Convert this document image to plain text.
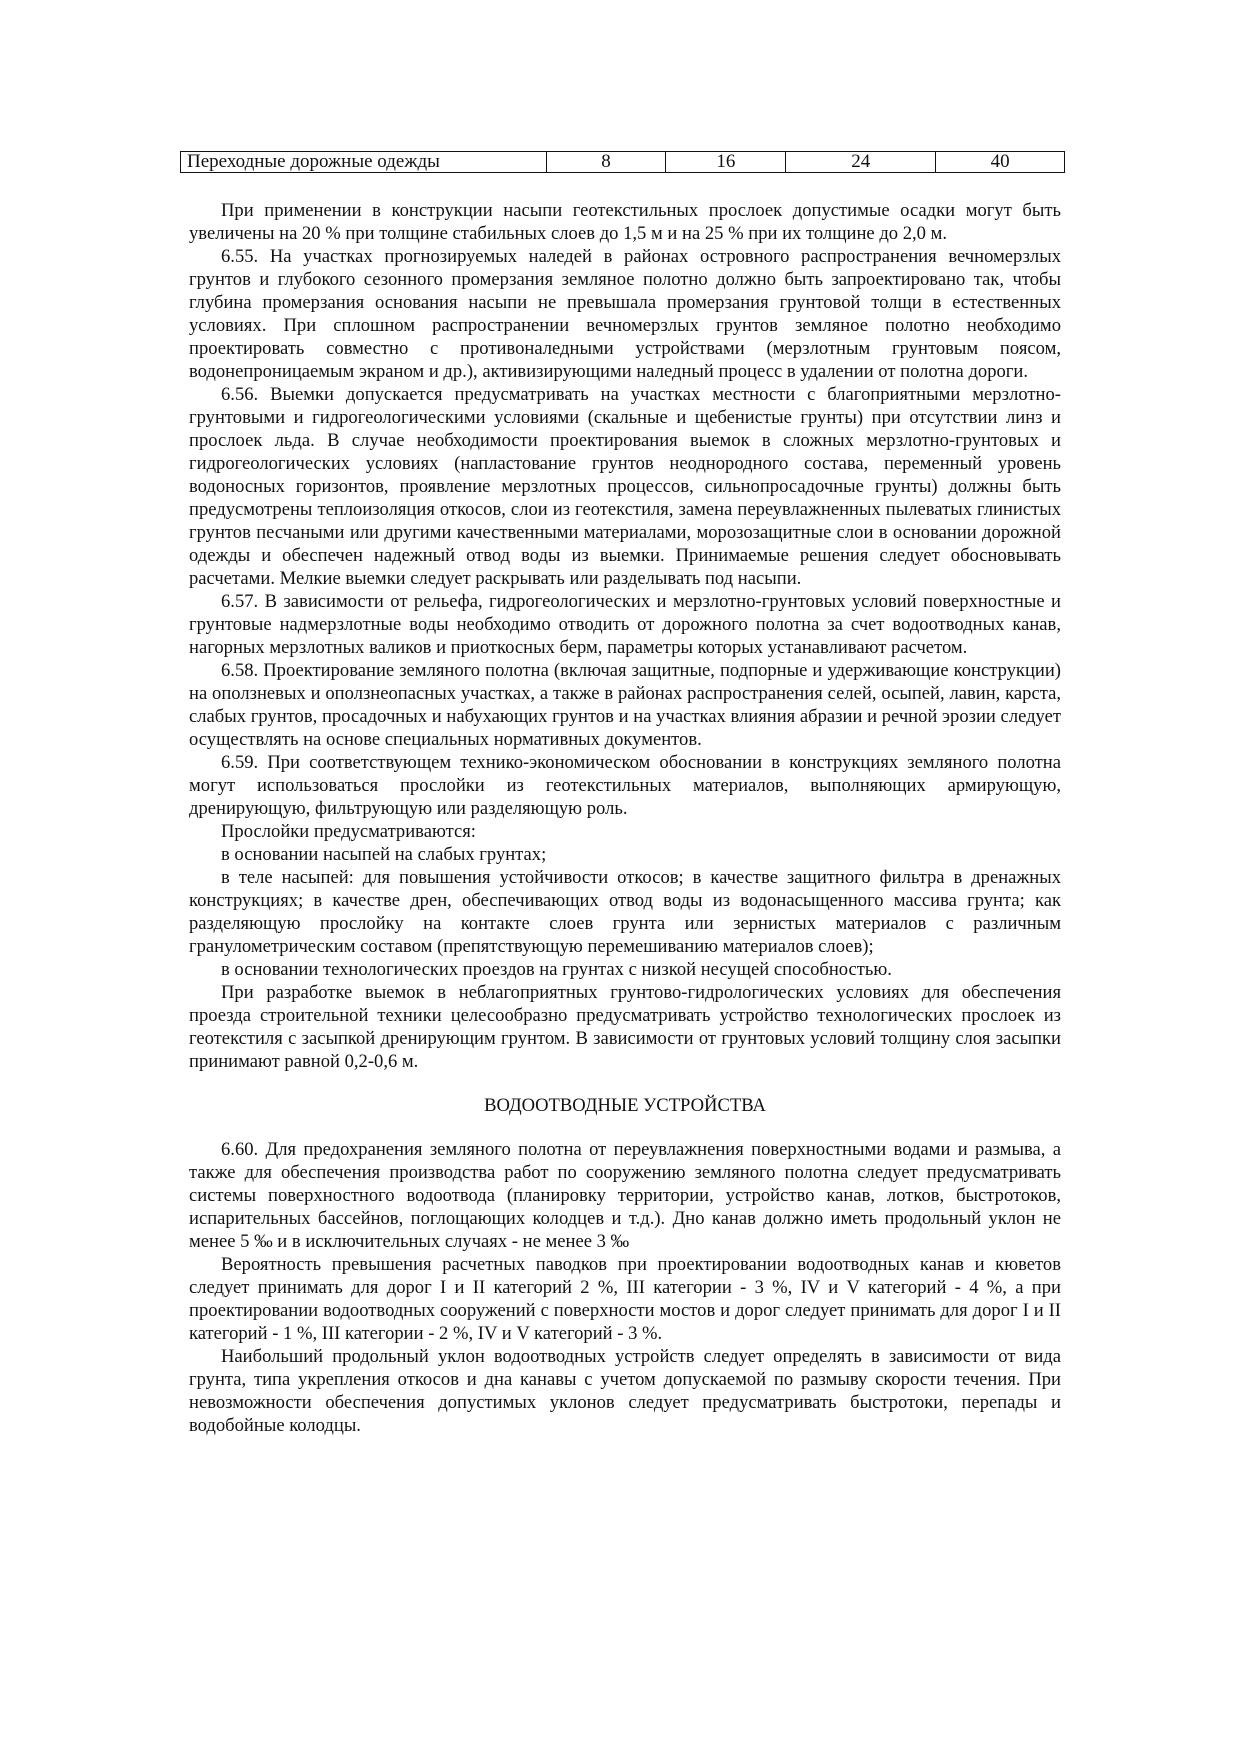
Переходные дорожные одежды	8	16	24	40

При применении в конструкции насыпи геотекстильных прослоек допустимые осадки могут быть увеличены на 20 % при толщине стабильных слоев до 1,5 м и на 25 % при их толщине до 2,0 м.

6.55. На участках прогнозируемых наледей в районах островного распространения вечномерзлых грунтов и глубокого сезонного промерзания земляное полотно должно быть запроектировано так, чтобы глубина промерзания основания насыпи не превышала промерзания грунтовой толщи в естественных условиях. При сплошном распространении вечномерзлых грунтов земляное полотно необходимо проектировать совместно с противоналедными устройствами (мерзлотным грунтовым поясом, водонепроницаемым экраном и др.), активизирующими наледный процесс в удалении от полотна дороги.

6.56. Выемки допускается предусматривать на участках местности с благоприятными мерзлотно-грунтовыми и гидрогеологическими условиями (скальные и щебенистые грунты) при отсутствии линз и прослоек льда. В случае необходимости проектирования выемок в сложных мерзлотно-грунтовых и гидрогеологических условиях (напластование грунтов неоднородного состава, переменный уровень водоносных горизонтов, проявление мерзлотных процессов, сильнопросадочные грунты) должны быть предусмотрены теплоизоляция откосов, слои из геотекстиля, замена переувлажненных пылеватых глинистых грунтов песчаными или другими качественными материалами, морозозащитные слои в основании дорожной одежды и обеспечен надежный отвод воды из выемки. Принимаемые решения следует обосновывать расчетами. Мелкие выемки следует раскрывать или разделывать под насыпи.

6.57. В зависимости от рельефа, гидрогеологических и мерзлотно-грунтовых условий поверхностные и грунтовые надмерзлотные воды необходимо отводить от дорожного полотна за счет водоотводных канав, нагорных мерзлотных валиков и приоткосных берм, параметры которых устанавливают расчетом.

6.58. Проектирование земляного полотна (включая защитные, подпорные и удерживающие конструкции) на оползневых и оползнеопасных участках, а также в районах распространения селей, осыпей, лавин, карста, слабых грунтов, просадочных и набухающих грунтов и на участках влияния абразии и речной эрозии следует осуществлять на основе специальных нормативных документов.

6.59. При соответствующем технико-экономическом обосновании в конструкциях земляного полотна могут использоваться прослойки из геотекстильных материалов, выполняющих армирующую, дренирующую, фильтрующую или разделяющую роль.

Прослойки предусматриваются:

в основании насыпей на слабых грунтах;

в теле насыпей: для повышения устойчивости откосов; в качестве защитного фильтра в дренажных конструкциях; в качестве дрен, обеспечивающих отвод воды из водонасыщенного массива грунта; как разделяющую прослойку на контакте слоев грунта или зернистых материалов с различным гранулометрическим составом (препятствующую перемешиванию материалов слоев);

в основании технологических проездов на грунтах с низкой несущей способностью.

При разработке выемок в неблагоприятных грунтово-гидрологических условиях для обеспечения проезда строительной техники целесообразно предусматривать устройство технологических прослоек из геотекстиля с засыпкой дренирующим грунтом. В зависимости от грунтовых условий толщину слоя засыпки принимают равной 0,2-0,6 м.

ВОДООТВОДНЫЕ УСТРОЙСТВА

6.60. Для предохранения земляного полотна от переувлажнения поверхностными водами и размыва, а также для обеспечения производства работ по сооружению земляного полотна следует предусматривать системы поверхностного водоотвода (планировку территории, устройство канав, лотков, быстротоков, испарительных бассейнов, поглощающих колодцев и т.д.). Дно канав должно иметь продольный уклон не менее 5 ‰ и в исключительных случаях - не менее 3 ‰

Вероятность превышения расчетных паводков при проектировании водоотводных канав и кюветов следует принимать для дорог I и II категорий 2 %, III категории - 3 %, IV и V категорий - 4 %, а при проектировании водоотводных сооружений с поверхности мостов и дорог следует принимать для дорог I и II категорий - 1 %, III категории - 2 %, IV и V категорий - 3 %.

Наибольший продольный уклон водоотводных устройств следует определять в зависимости от вида грунта, типа укрепления откосов и дна канавы с учетом допускаемой по размыву скорости течения. При невозможности обеспечения допустимых уклонов следует предусматривать быстротоки, перепады и водобойные колодцы.
